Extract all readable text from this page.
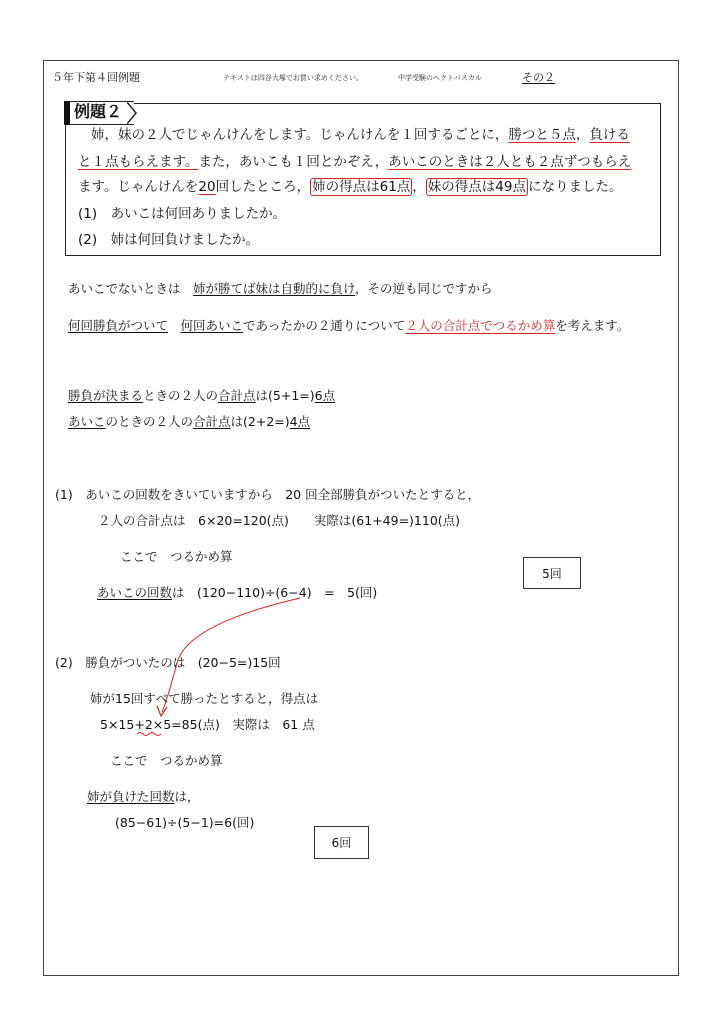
５年下第４回例題	テキストは四谷大塚でお買い求めください。	中学受験のヘクトパスカル	その２
例題２
姉，妹の２人でじゃんけんをします。じゃんけんを１回するごとに，勝つと５点，負ける
と１点もらえます。また，あいこも１回とかぞえ，あいこのときは２人とも２点ずつもらえ
ます。じゃんけんを20回したところ， 姉の得点は61点 ， 妹の得点は49点 になりました。
(1)　あいこは何回ありましたか。
(2)　姉は何回負けましたか。
あいこでないときは　 姉が勝てば妹は自動的に負け，その逆も同じですから
何回勝負がついて　 何回あいこであったかの２通りについて２人の合計点でつるかめ算を考えます。
勝負が決まるときの２人の合計点は(5+1=)6点
あいこのときの２人の合計点は(2+2=)4点
(1)　あいこの回数をきいていますから　20 回全部勝負がついたとすると，
２人の合計点は　6×20=120(点)　　実際は(61+49=)110(点)
ここで　つるかめ算
あいこの回数は　(120−110)÷(6−4)　=　5(回)
5回
(2)　勝負がついたのは　(20−5=)15回
姉が15回すべて勝ったとすると，得点は
5×15+2×5=85(点)　実際は　61 点
ここで　つるかめ算
姉が負けた回数は，
(85−61)÷(5−1)=6(回)
6回
